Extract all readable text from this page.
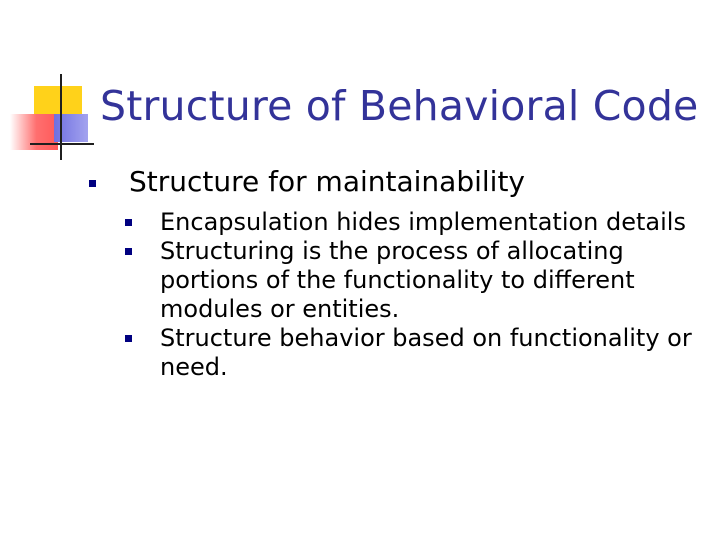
Structure of Behavioral Code
Structure for maintainability
Encapsulation hides implementation details
Structuring is the process of allocating portions of the functionality to different modules or entities.
Structure behavior based on functionality or need.
